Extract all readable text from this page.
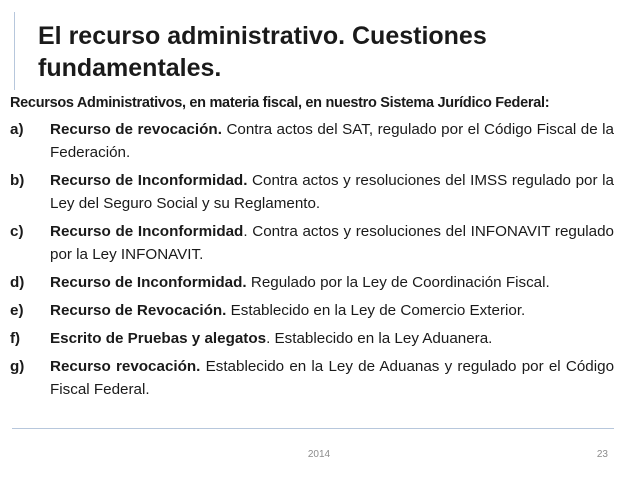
El recurso administrativo. Cuestiones fundamentales.
Recursos Administrativos, en materia fiscal, en nuestro Sistema Jurídico Federal:
a)	Recurso de revocación. Contra actos del SAT, regulado por el Código Fiscal de la Federación.
b)	Recurso de Inconformidad. Contra actos y resoluciones del IMSS regulado por la Ley del Seguro Social y su Reglamento.
c)	Recurso de Inconformidad. Contra actos y resoluciones del INFONAVIT regulado por la Ley INFONAVIT.
d)	Recurso de Inconformidad. Regulado por la Ley de Coordinación Fiscal.
e)	Recurso de Revocación. Establecido en la Ley de Comercio Exterior.
f)	Escrito de Pruebas y alegatos. Establecido en la Ley Aduanera.
g)	Recurso revocación. Establecido en la Ley de Aduanas y regulado por el Código Fiscal Federal.
2014	23
